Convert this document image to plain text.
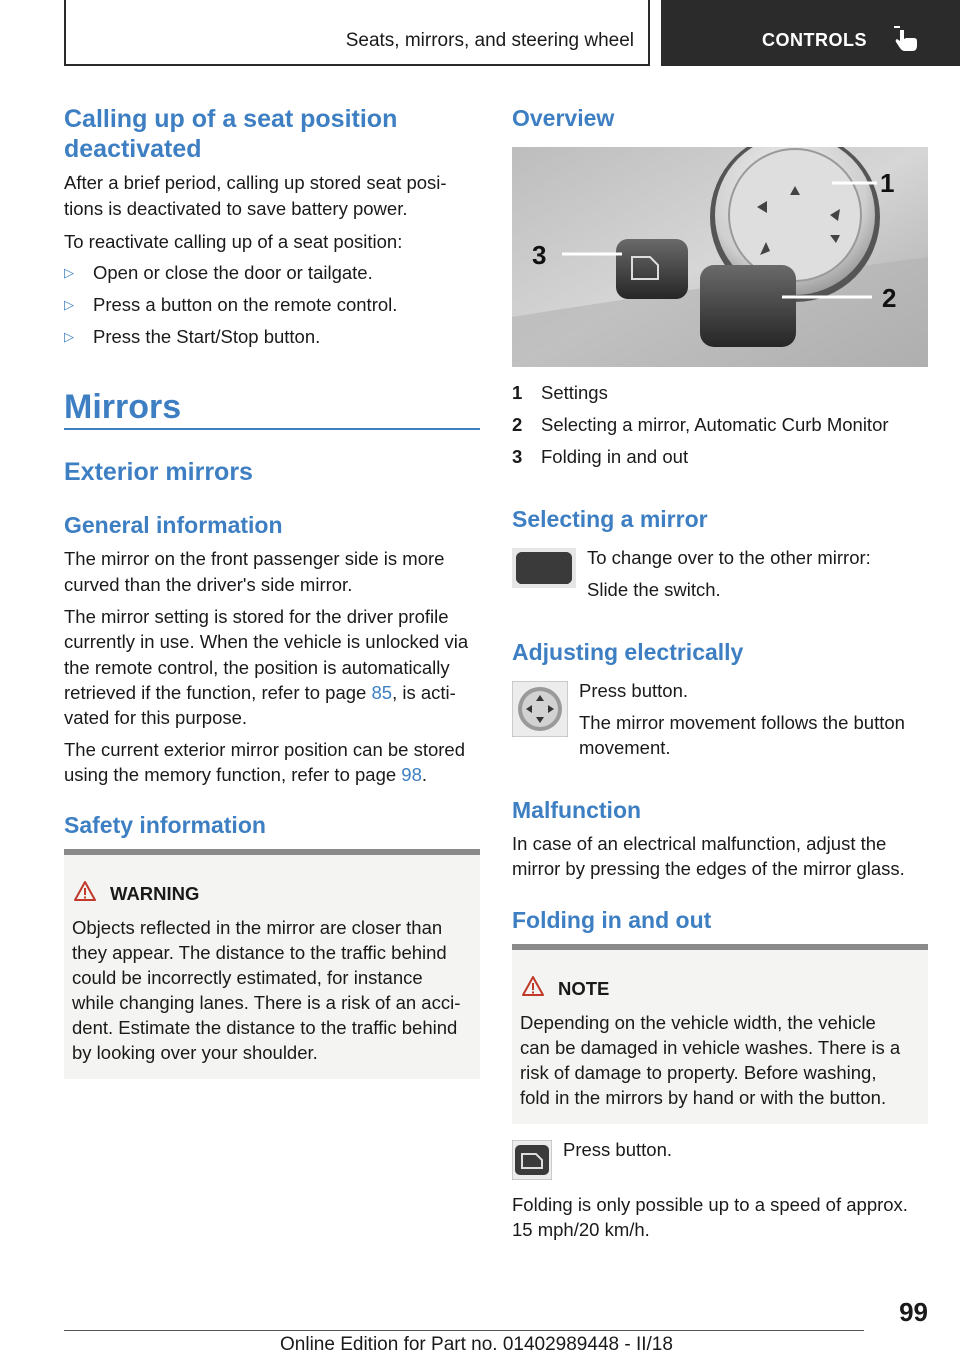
Seats, mirrors, and steering wheel	CONTROLS
Calling up of a seat position
deactivated

After a brief period, calling up stored seat posi‐

tions is deactivated to save battery power.

To reactivate calling up of a seat position:

▷ Open or close the door or tailgate.
▷ Press a button on the remote control.
▷ Press the Start/Stop button.
Mirrors
Exterior mirrors
General information

The mirror on the front passenger side is more

curved than the driver's side mirror.

The mirror setting is stored for the driver profile

currently in use. When the vehicle is unlocked via

the remote control, the position is automatically

retrieved if the function, refer to page 85, is acti‐

vated for this purpose.

The current exterior mirror position can be stored

using the memory function, refer to page 98.

Safety information
WARNING
Objects reflected in the mirror are closer than
they appear. The distance to the traffic behind
could be incorrectly estimated, for instance
while changing lanes. There is a risk of an acci‐
dent. Estimate the distance to the traffic behind
by looking over your shoulder.
Overview
3
1
2
1 Settings
2 Selecting a mirror, Automatic Curb Monitor
3 Folding in and out
Selecting a mirror

To change over to the other mirror:

Slide the switch.

Adjusting electrically

Press button.

The mirror movement follows the button

movement.

Malfunction

In case of an electrical malfunction, adjust the

mirror by pressing the edges of the mirror glass.

Folding in and out
NOTE
Depending on the vehicle width, the vehicle
can be damaged in vehicle washes. There is a
risk of damage to property. Before washing,
fold in the mirrors by hand or with the button.

Press button.

Folding is only possible up to a speed of approx.

15 mph/20 km/h.

99
Online Edition for Part no. 01402989448 - II/18
